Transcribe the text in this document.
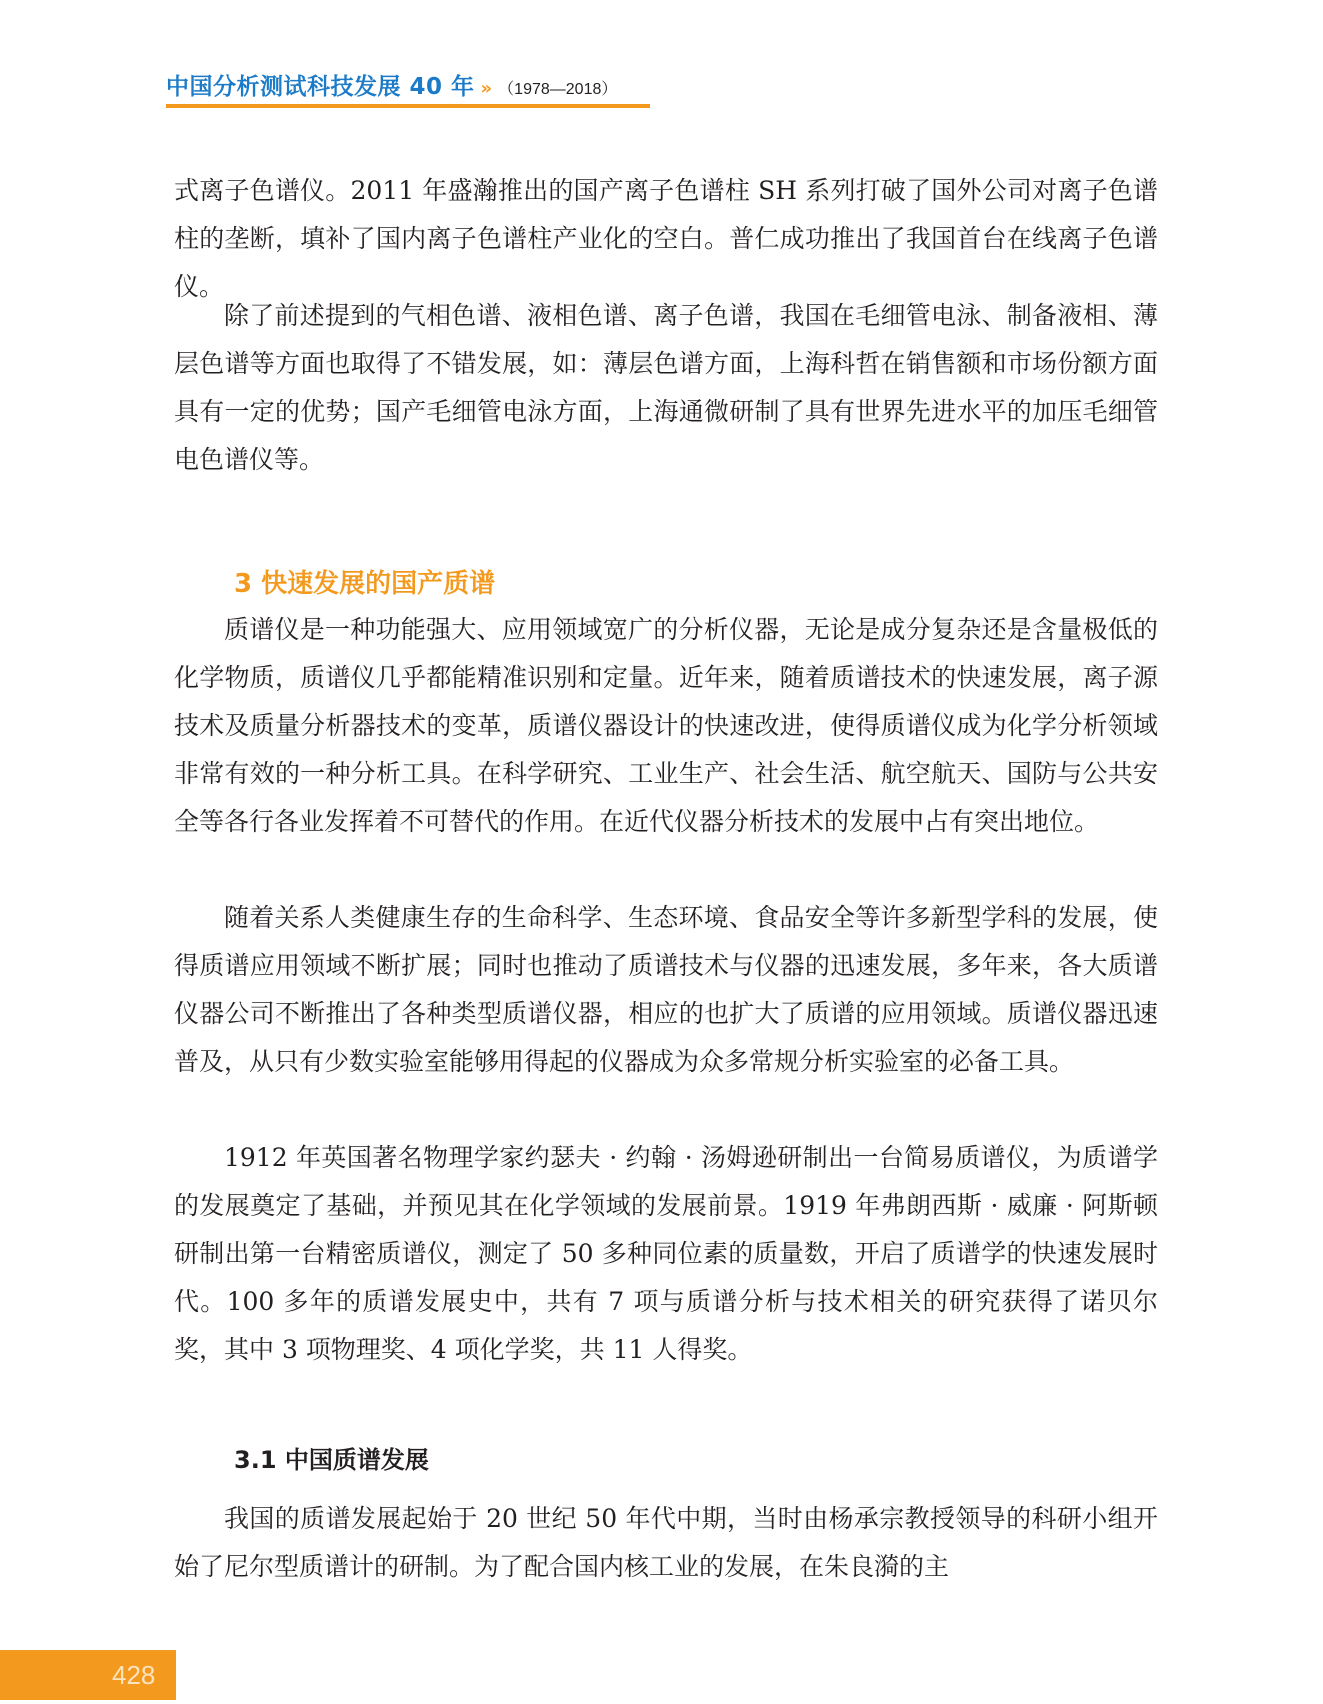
中国分析测试科技发展 40 年 » （1978—2018）

式离子色谱仪。2011 年盛瀚推出的国产离子色谱柱 SH 系列打破了国外公司对离子色谱柱的垄断，填补了国内离子色谱柱产业化的空白。普仁成功推出了我国首台在线离子色谱仪。

除了前述提到的气相色谱、液相色谱、离子色谱，我国在毛细管电泳、制备液相、薄层色谱等方面也取得了不错发展，如：薄层色谱方面，上海科哲在销售额和市场份额方面具有一定的优势；国产毛细管电泳方面，上海通微研制了具有世界先进水平的加压毛细管电色谱仪等。

3 快速发展的国产质谱

质谱仪是一种功能强大、应用领域宽广的分析仪器，无论是成分复杂还是含量极低的化学物质，质谱仪几乎都能精准识别和定量。近年来，随着质谱技术的快速发展，离子源技术及质量分析器技术的变革，质谱仪器设计的快速改进，使得质谱仪成为化学分析领域非常有效的一种分析工具。在科学研究、工业生产、社会生活、航空航天、国防与公共安全等各行各业发挥着不可替代的作用。在近代仪器分析技术的发展中占有突出地位。

随着关系人类健康生存的生命科学、生态环境、食品安全等许多新型学科的发展，使得质谱应用领域不断扩展；同时也推动了质谱技术与仪器的迅速发展，多年来，各大质谱仪器公司不断推出了各种类型质谱仪器，相应的也扩大了质谱的应用领域。质谱仪器迅速普及，从只有少数实验室能够用得起的仪器成为众多常规分析实验室的必备工具。

1912 年英国著名物理学家约瑟夫 · 约翰 · 汤姆逊研制出一台简易质谱仪，为质谱学的发展奠定了基础，并预见其在化学领域的发展前景。1919 年弗朗西斯 · 威廉 · 阿斯顿研制出第一台精密质谱仪，测定了 50 多种同位素的质量数，开启了质谱学的快速发展时代。100 多年的质谱发展史中，共有 7 项与质谱分析与技术相关的研究获得了诺贝尔奖，其中 3 项物理奖、4 项化学奖，共 11 人得奖。

3.1 中国质谱发展

我国的质谱发展起始于 20 世纪 50 年代中期，当时由杨承宗教授领导的科研小组开始了尼尔型质谱计的研制。为了配合国内核工业的发展，在朱良漪的主

428
